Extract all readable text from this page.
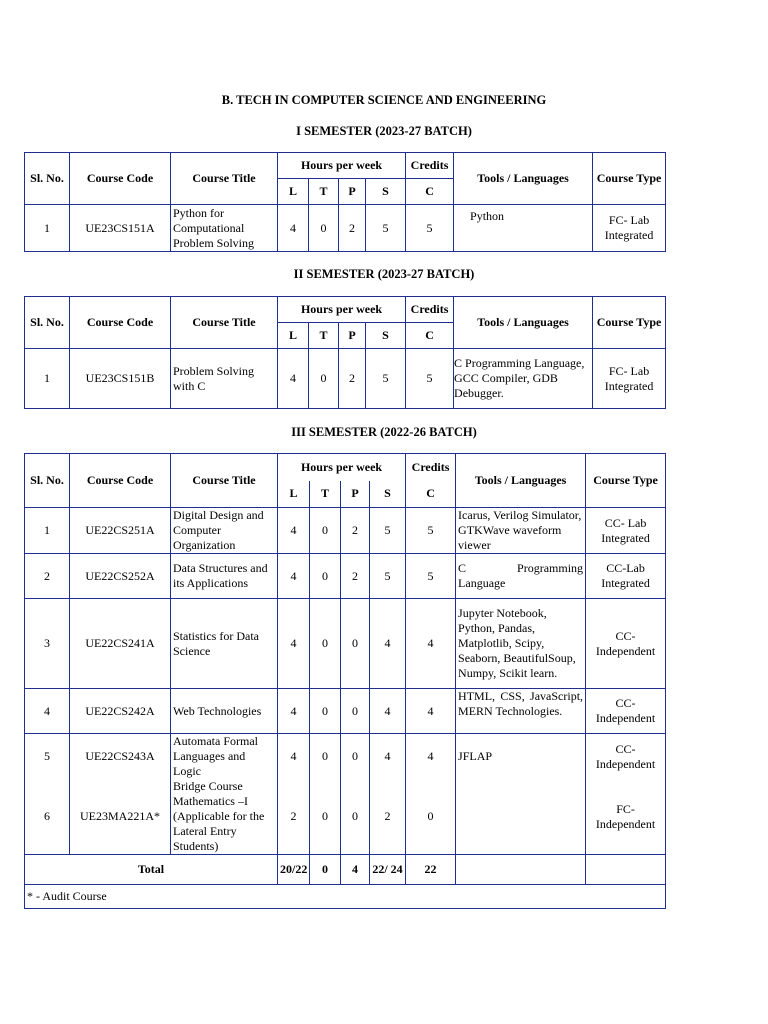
B. TECH IN COMPUTER SCIENCE AND ENGINEERING
I SEMESTER (2023-27 BATCH)
Sl. No.	Course Code	Course Title	Hours per week				Credits	Tools / Languages	Course Type
			L	T	P	S	C		
1	UE23CS151A	Python for Computational Problem Solving	4	0	2	5	5	Python	FC- Lab Integrated
II SEMESTER (2023-27 BATCH)
Sl. No.	Course Code	Course Title	Hours per week				Credits	Tools / Languages	Course Type
			L	T	P	S	C		
1	UE23CS151B	Problem Solving with C	4	0	2	5	5	C Programming Language, GCC Compiler, GDB Debugger.	FC- Lab Integrated
III SEMESTER (2022-26 BATCH)
Sl. No.	Course Code	Course Title	Hours per week				Credits	Tools / Languages	Course Type
			L	T	P	S	C		
1	UE22CS251A	Digital Design and Computer Organization	4	0	2	5	5	Icarus, Verilog Simulator, GTKWave waveform viewer	CC- Lab Integrated
2	UE22CS252A	Data Structures and its Applications	4	0	2	5	5	C Programming Language	CC-Lab Integrated
3	UE22CS241A	Statistics for Data Science	4	0	0	4	4	Jupyter Notebook, Python, Pandas, Matplotlib, Scipy, Seaborn, BeautifulSoup, Numpy, Scikit learn.	CC-Independent
4	UE22CS242A	Web Technologies	4	0	0	4	4	HTML, CSS, JavaScript, MERN Technologies.	CC-Independent
5	UE22CS243A	Automata Formal Languages and Logic	4	0	0	4	4	JFLAP	CC-Independent
6	UE23MA221A*	Bridge Course Mathematics –I (Applicable for the Lateral Entry Students)	2	0	0	2	0		FC-Independent
Total			20/22	0	4	22/ 24	22		
* - Audit Course									
